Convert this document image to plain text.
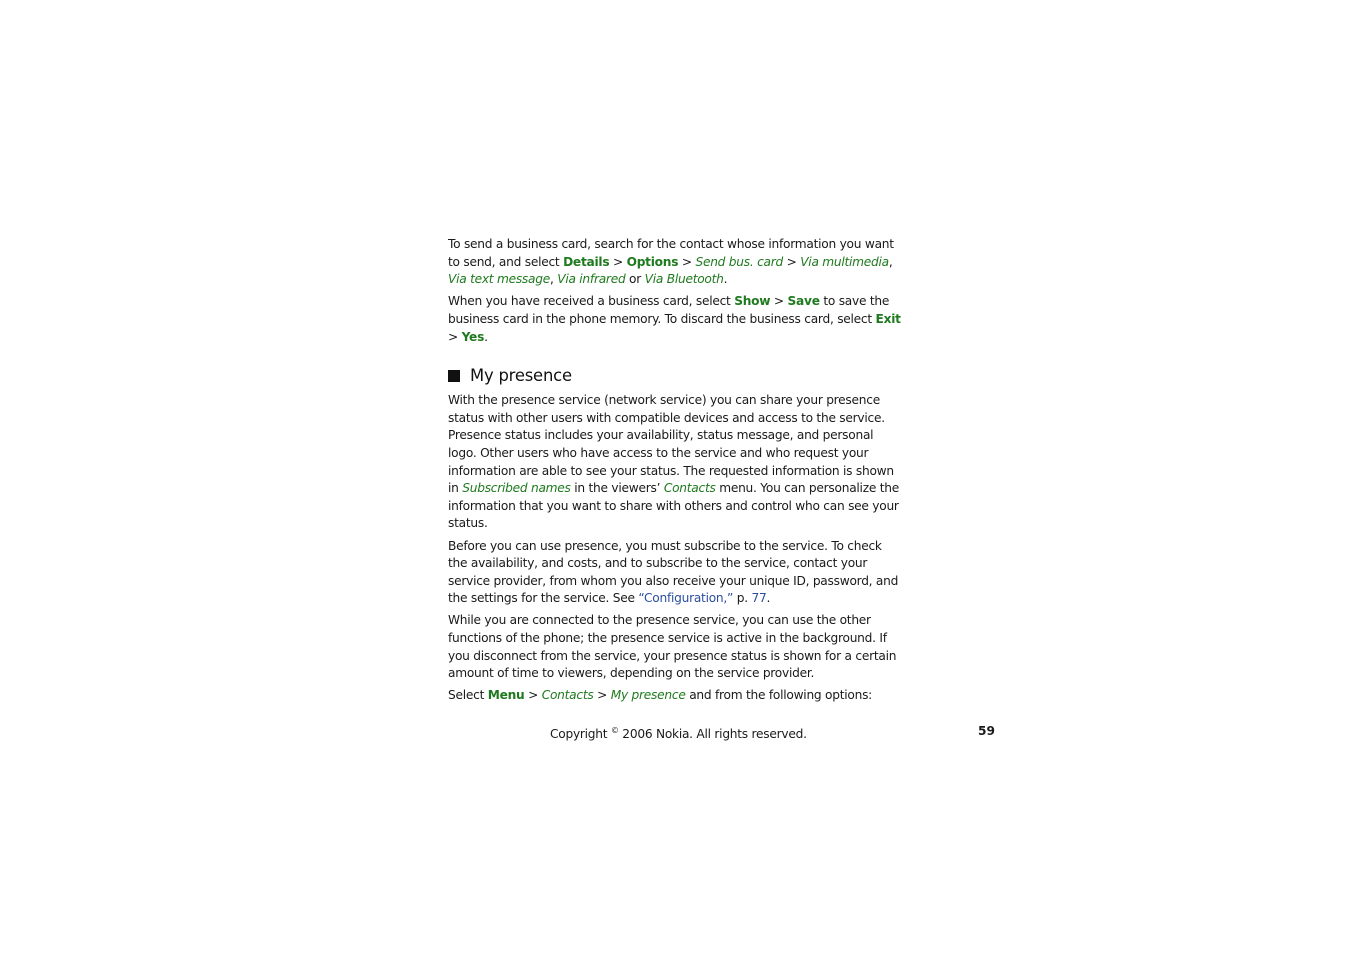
To send a business card, search for the contact whose information you want to send, and select Details > Options > Send bus. card > Via multimedia, Via text message, Via infrared or Via Bluetooth.

When you have received a business card, select Show > Save to save the business card in the phone memory. To discard the business card, select Exit > Yes.

My presence

With the presence service (network service) you can share your presence status with other users with compatible devices and access to the service. Presence status includes your availability, status message, and personal logo. Other users who have access to the service and who request your information are able to see your status. The requested information is shown in Subscribed names in the viewers’ Contacts menu. You can personalize the information that you want to share with others and control who can see your status.

Before you can use presence, you must subscribe to the service. To check the availability, and costs, and to subscribe to the service, contact your service provider, from whom you also receive your unique ID, password, and the settings for the service. See “Configuration,” p. 77.

While you are connected to the presence service, you can use the other functions of the phone; the presence service is active in the background. If you disconnect from the service, your presence status is shown for a certain amount of time to viewers, depending on the service provider.

Select Menu > Contacts > My presence and from the following options:

Copyright © 2006 Nokia. All rights reserved.	59
